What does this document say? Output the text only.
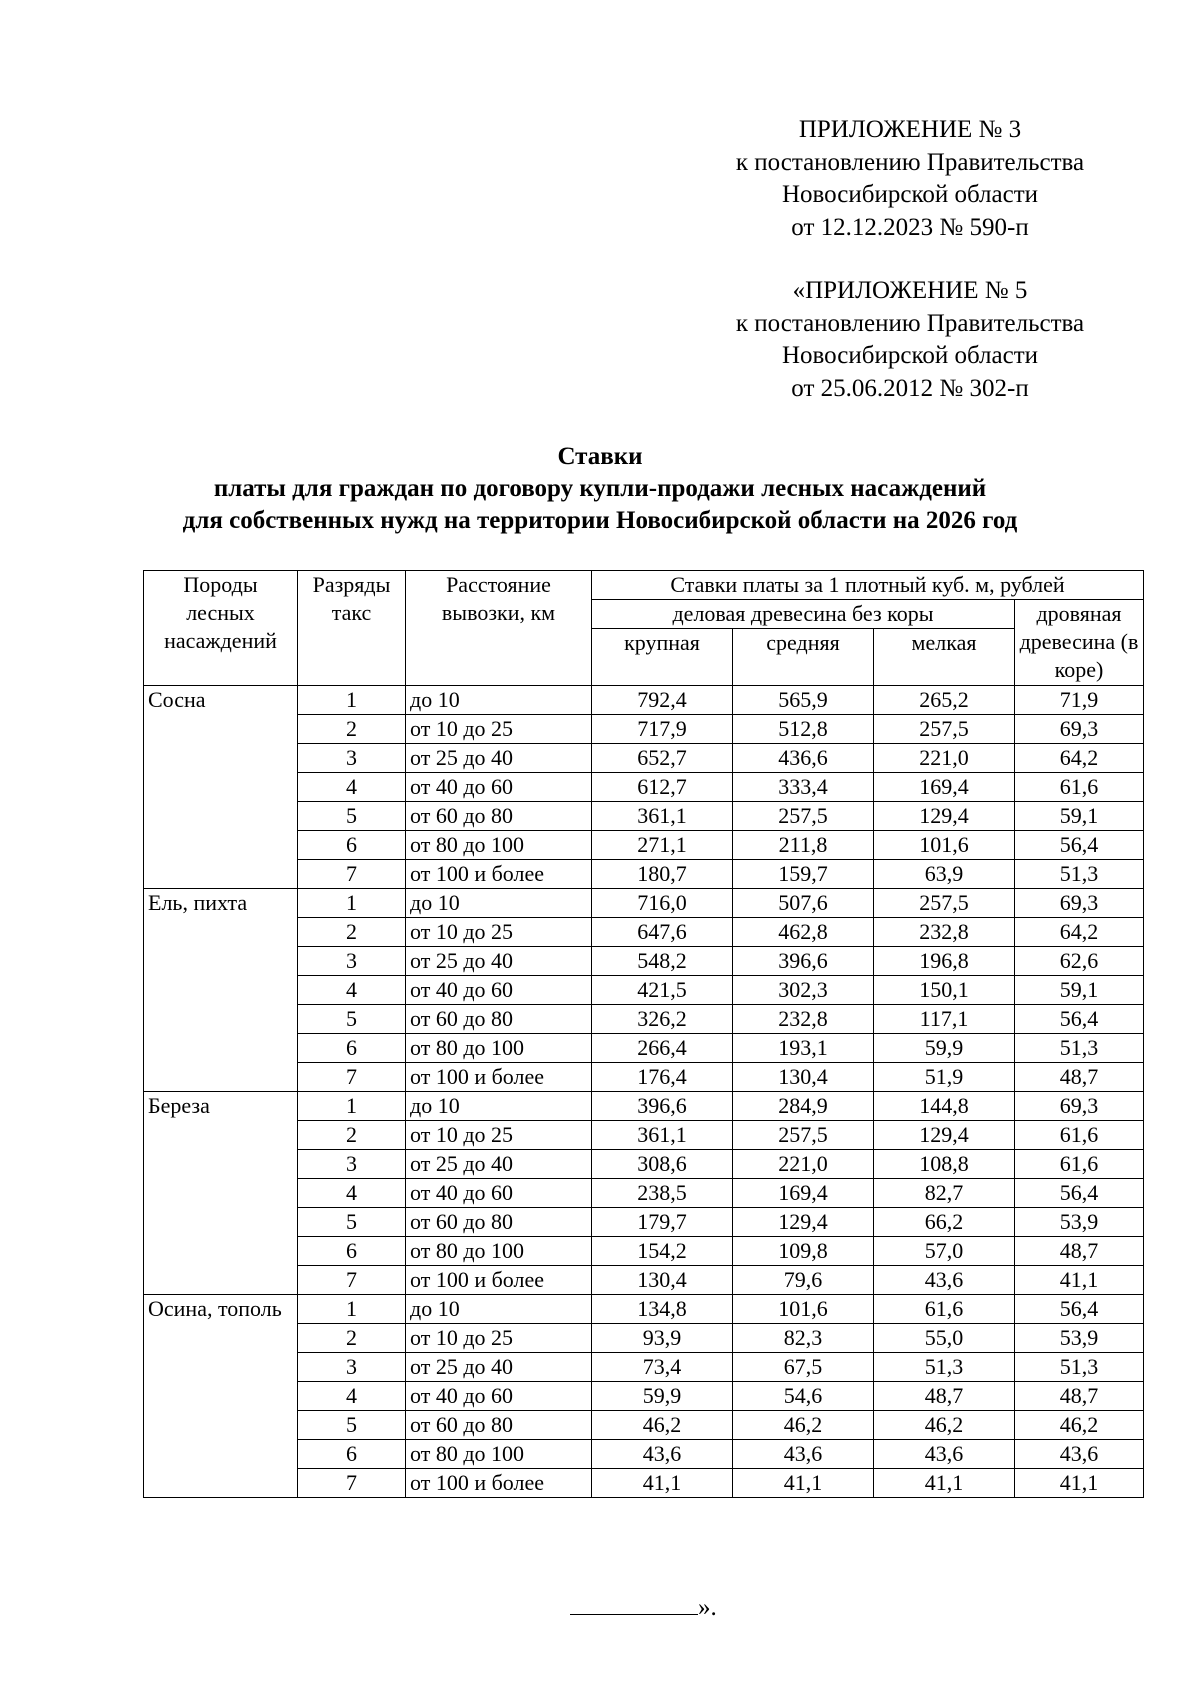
ПРИЛОЖЕНИЕ № 3
к постановлению Правительства
Новосибирской области
от 12.12.2023 № 590-п
«ПРИЛОЖЕНИЕ № 5
к постановлению Правительства
Новосибирской области
от 25.06.2012 № 302-п
Ставки
платы для граждан по договору купли-продажи лесных насаждений
для собственных нужд на территории Новосибирской области на 2026 год
Породы лесных насаждений	Разряды такс	Расстояние вывозки, км	Ставки платы за 1 плотный куб. м, рублей			
			деловая древесина без коры			дровяная древесина (в коре)
			крупная	средняя	мелкая	
Сосна	1	до 10	792,4	565,9	265,2	71,9
	2	от 10 до 25	717,9	512,8	257,5	69,3
	3	от 25 до 40	652,7	436,6	221,0	64,2
	4	от 40 до 60	612,7	333,4	169,4	61,6
	5	от 60 до 80	361,1	257,5	129,4	59,1
	6	от 80 до 100	271,1	211,8	101,6	56,4
	7	от 100 и более	180,7	159,7	63,9	51,3
Ель, пихта	1	до 10	716,0	507,6	257,5	69,3
	2	от 10 до 25	647,6	462,8	232,8	64,2
	3	от 25 до 40	548,2	396,6	196,8	62,6
	4	от 40 до 60	421,5	302,3	150,1	59,1
	5	от 60 до 80	326,2	232,8	117,1	56,4
	6	от 80 до 100	266,4	193,1	59,9	51,3
	7	от 100 и более	176,4	130,4	51,9	48,7
Береза	1	до 10	396,6	284,9	144,8	69,3
	2	от 10 до 25	361,1	257,5	129,4	61,6
	3	от 25 до 40	308,6	221,0	108,8	61,6
	4	от 40 до 60	238,5	169,4	82,7	56,4
	5	от 60 до 80	179,7	129,4	66,2	53,9
	6	от 80 до 100	154,2	109,8	57,0	48,7
	7	от 100 и более	130,4	79,6	43,6	41,1
Осина, тополь	1	до 10	134,8	101,6	61,6	56,4
	2	от 10 до 25	93,9	82,3	55,0	53,9
	3	от 25 до 40	73,4	67,5	51,3	51,3
	4	от 40 до 60	59,9	54,6	48,7	48,7
	5	от 60 до 80	46,2	46,2	46,2	46,2
	6	от 80 до 100	43,6	43,6	43,6	43,6
	7	от 100 и более	41,1	41,1	41,1	41,1
».
